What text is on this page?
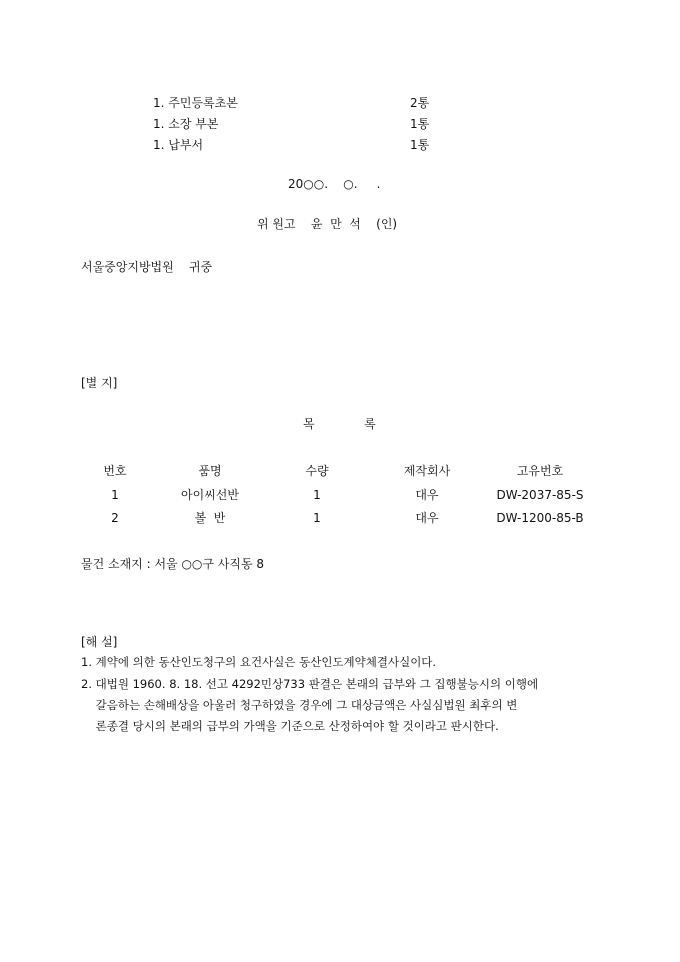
1. 주민등록초본	2통
1. 소장 부본	1통
1. 납부서	1통
20○○.    ○.     .
위 원고    윤  만  석    (인)
서울중앙지방법원    귀중
[별 지]
목             록
번호	품명	수량	제작회사	고유번호
1	아이씨선반	1	대우	DW-2037-85-S
2	볼  반	1	대우	DW-1200-85-B
물건 소재지 : 서울 ○○구 사직동 8
[해 설]
1. 계약에 의한 동산인도청구의 요건사실은 동산인도계약체결사실이다.
2. 대법원 1960. 8. 18. 선고 4292민상733 판결은 본래의 급부와 그 집행불능시의 이행에
갈음하는 손해배상을 아울러 청구하였을 경우에 그 대상금액은 사실심법원 최후의 변
론종결 당시의 본래의 급부의 가액을 기준으로 산정하여야 할 것이라고 판시한다.
